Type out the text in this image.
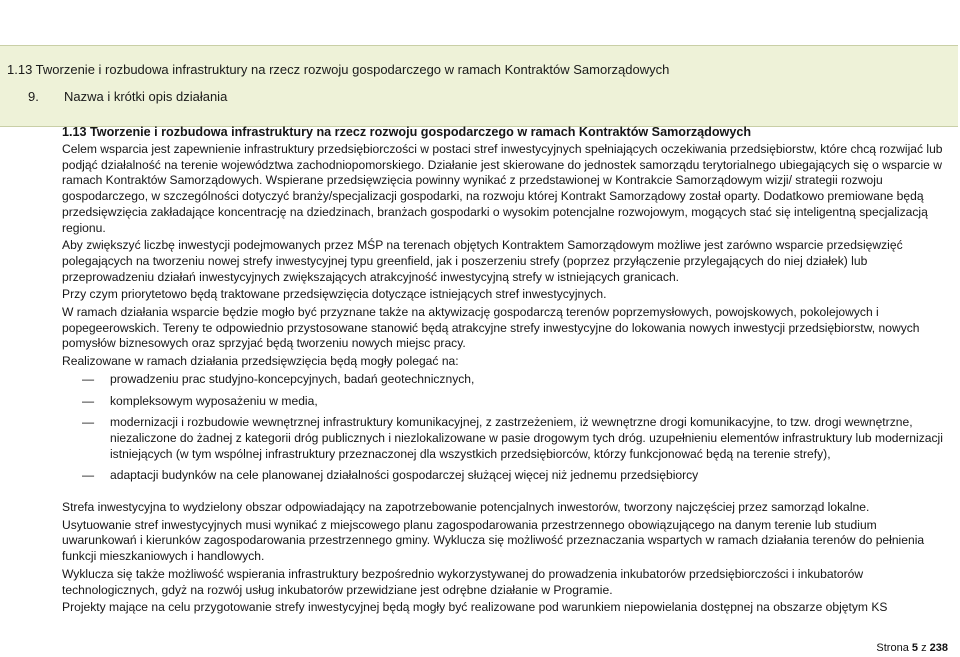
I GOSPODARKA, INNOWACJE, NOWOCZESNE TECHNOLOGIE
DZIAŁANIE 1.13 TWORZENIE I ROZBUDOWA INFRASTRUKTURY NA RZECZ ROZWOJU GOSPODARCZEGO W RAMACH KONTRAKTÓW SAMORZĄDOWYCH
1.13 Tworzenie i rozbudowa infrastruktury na rzecz rozwoju gospodarczego w ramach Kontraktów Samorządowych
9. Nazwa i krótki opis działania
1.13 Tworzenie i rozbudowa infrastruktury na rzecz rozwoju gospodarczego w ramach Kontraktów Samorządowych

Celem wsparcia jest zapewnienie infrastruktury przedsiębiorczości w postaci stref inwestycyjnych spełniających oczekiwania przedsiębiorstw, które chcą rozwijać lub podjąć działalność na terenie województwa zachodniopomorskiego. Działanie jest skierowane do jednostek samorządu terytorialnego ubiegających się o wsparcie w ramach Kontraktów Samorządowych. Wspierane przedsięwzięcia powinny wynikać z przedstawionej w Kontrakcie Samorządowym wizji/ strategii rozwoju gospodarczego, w szczególności dotyczyć branży/specjalizacji gospodarki, na rozwoju której Kontrakt Samorządowy został oparty. Dodatkowo premiowane będą przedsięwzięcia zakładające koncentrację na dziedzinach, branżach gospodarki o wysokim potencjalne rozwojowym, mogących stać się inteligentną specjalizacją regionu.

Aby zwiększyć liczbę inwestycji podejmowanych przez MŚP na terenach objętych Kontraktem Samorządowym możliwe jest zarówno wsparcie przedsięwzięć polegających na tworzeniu nowej strefy inwestycyjnej typu greenfield, jak i poszerzeniu strefy (poprzez przyłączenie przylegających do niej działek) lub przeprowadzeniu działań inwestycyjnych zwiększających atrakcyjność inwestycyjną strefy w istniejących granicach.

Przy czym priorytetowo będą traktowane przedsięwzięcia dotyczące istniejących stref inwestycyjnych.

W ramach działania wsparcie będzie mogło być przyznane także na aktywizację gospodarczą terenów poprzemysłowych, powojskowych, pokolejowych i popegeerowskich. Tereny te odpowiednio przystosowane stanowić będą atrakcyjne strefy inwestycyjne do lokowania nowych inwestycji przedsiębiorstw, nowych pomysłów biznesowych oraz sprzyjać będą tworzeniu nowych miejsc pracy.

Realizowane w ramach działania przedsięwzięcia będą mogły polegać na:

— prowadzeniu prac studyjno-koncepcyjnych, badań geotechnicznych,
— kompleksowym wyposażeniu w media,
— modernizacji i rozbudowie wewnętrznej infrastruktury komunikacyjnej, z zastrzeżeniem, iż wewnętrzne drogi komunikacyjne, to tzw. drogi wewnętrzne, niezaliczone do żadnej z kategorii dróg publicznych i niezlokalizowane w pasie drogowym tych dróg. uzupełnieniu elementów infrastruktury lub modernizacji istniejących (w tym wspólnej infrastruktury przeznaczonej dla wszystkich przedsiębiorców, którzy funkcjonować będą na terenie strefy),
— adaptacji budynków na cele planowanej działalności gospodarczej służącej więcej niż jednemu przedsiębiorcy

Strefa inwestycyjna to wydzielony obszar odpowiadający na zapotrzebowanie potencjalnych inwestorów, tworzony najczęściej przez samorząd lokalne.

Usytuowanie stref inwestycyjnych musi wynikać z miejscowego planu zagospodarowania przestrzennego obowiązującego na danym terenie lub studium uwarunkowań i kierunków zagospodarowania przestrzennego gminy. Wyklucza się możliwość przeznaczania wspartych w ramach działania terenów do pełnienia funkcji mieszkaniowych i handlowych.

Wyklucza się także możliwość wspierania infrastruktury bezpośrednio wykorzystywanej do prowadzenia inkubatorów przedsiębiorczości i inkubatorów technologicznych, gdyż na rozwój usług inkubatorów przewidziane jest odrębne działanie w Programie.

Projekty mające na celu przygotowanie strefy inwestycyjnej będą mogły być realizowane pod warunkiem niepowielania dostępnej na obszarze objętym KS

Strona 5 z 238
